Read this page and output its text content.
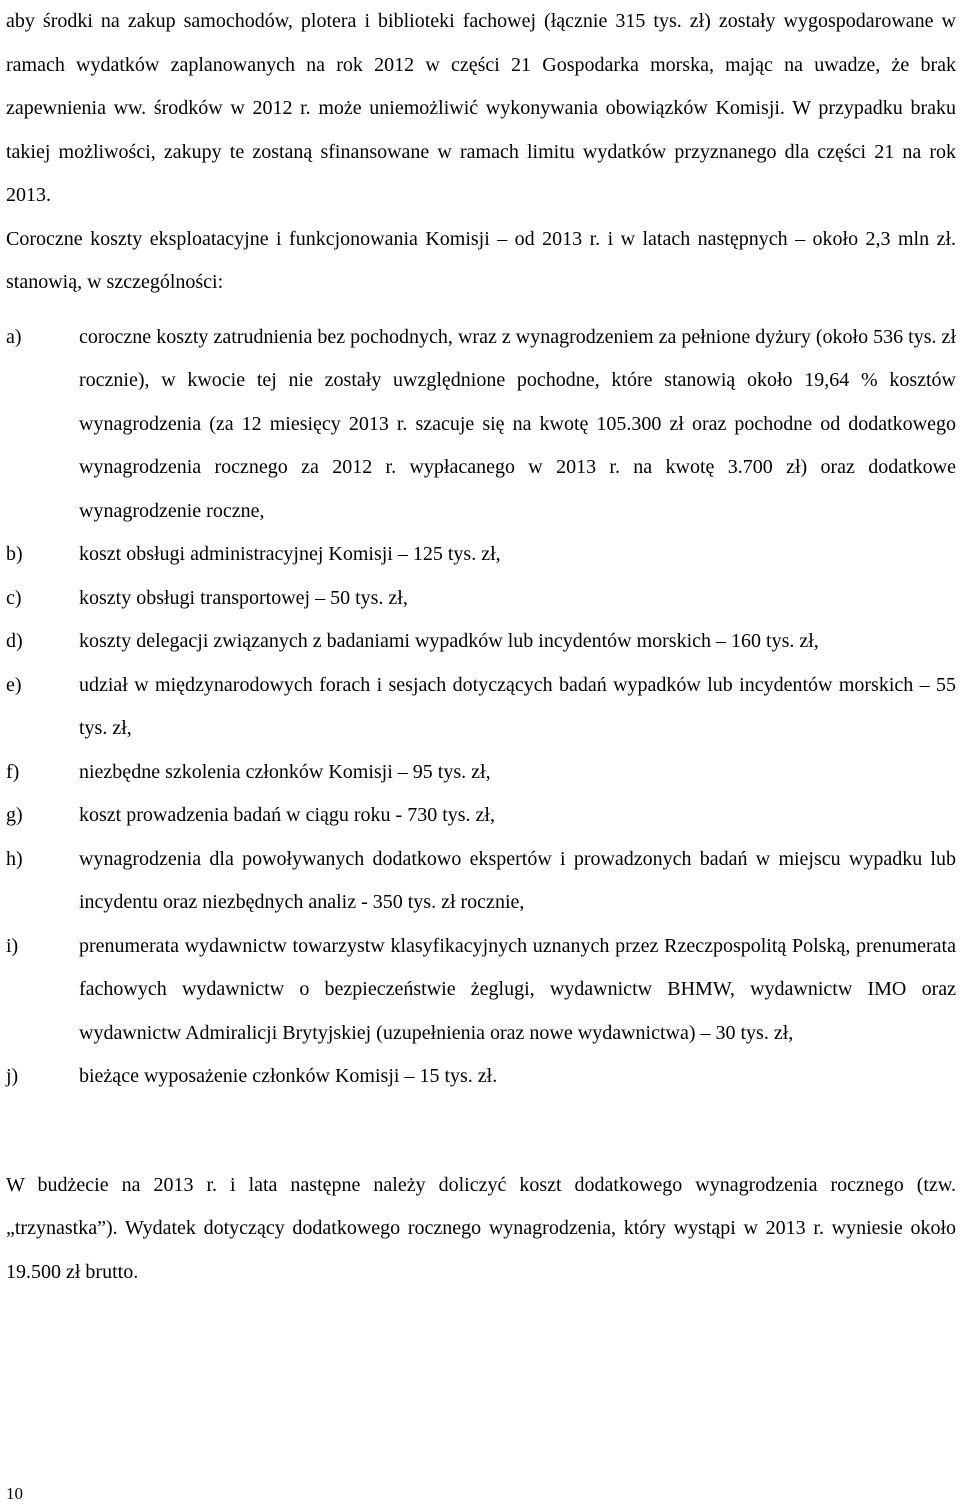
aby środki na zakup samochodów, plotera i biblioteki fachowej (łącznie 315 tys. zł) zostały wygospodarowane w ramach wydatków zaplanowanych na rok 2012 w części 21 Gospodarka morska, mając na uwadze, że brak zapewnienia ww. środków w 2012 r. może uniemożliwić wykonywania obowiązków Komisji. W przypadku braku takiej możliwości, zakupy te zostaną sfinansowane w ramach limitu wydatków przyznanego dla części 21 na rok 2013.

Coroczne koszty eksploatacyjne i funkcjonowania Komisji – od 2013 r. i w latach następnych – około 2,3 mln zł. stanowią, w szczególności:

a)	coroczne koszty zatrudnienia bez pochodnych, wraz z wynagrodzeniem za pełnione dyżury (około 536 tys. zł rocznie), w kwocie tej nie zostały uwzględnione pochodne, które stanowią około 19,64 % kosztów wynagrodzenia (za 12 miesięcy 2013 r. szacuje się na kwotę 105.300 zł oraz pochodne od dodatkowego wynagrodzenia rocznego za 2012 r. wypłacanego w 2013 r. na kwotę 3.700 zł) oraz dodatkowe wynagrodzenie roczne,
b)	koszt obsługi administracyjnej Komisji – 125 tys. zł,
c)	koszty obsługi transportowej – 50 tys. zł,
d)	koszty delegacji związanych z badaniami wypadków lub incydentów morskich – 160 tys. zł,
e)	udział w międzynarodowych forach i sesjach dotyczących badań wypadków lub incydentów morskich – 55 tys. zł,
f)	niezbędne szkolenia członków Komisji – 95 tys. zł,
g)	koszt prowadzenia badań w ciągu roku - 730 tys. zł,
h)	wynagrodzenia dla powoływanych dodatkowo ekspertów i prowadzonych badań w miejscu wypadku lub incydentu oraz niezbędnych analiz - 350 tys. zł rocznie,
i)	prenumerata wydawnictw towarzystw klasyfikacyjnych uznanych przez Rzeczpospolitą Polską, prenumerata fachowych wydawnictw o bezpieczeństwie żeglugi, wydawnictw BHMW, wydawnictw IMO oraz wydawnictw Admiralicji Brytyjskiej (uzupełnienia oraz nowe wydawnictwa) – 30 tys. zł,
j)	bieżące wyposażenie członków Komisji – 15 tys. zł.

W budżecie na 2013 r. i lata następne należy doliczyć koszt dodatkowego wynagrodzenia rocznego (tzw. „trzynastka”). Wydatek dotyczący dodatkowego rocznego wynagrodzenia, który wystąpi w 2013 r. wyniesie około 19.500 zł brutto.

10
